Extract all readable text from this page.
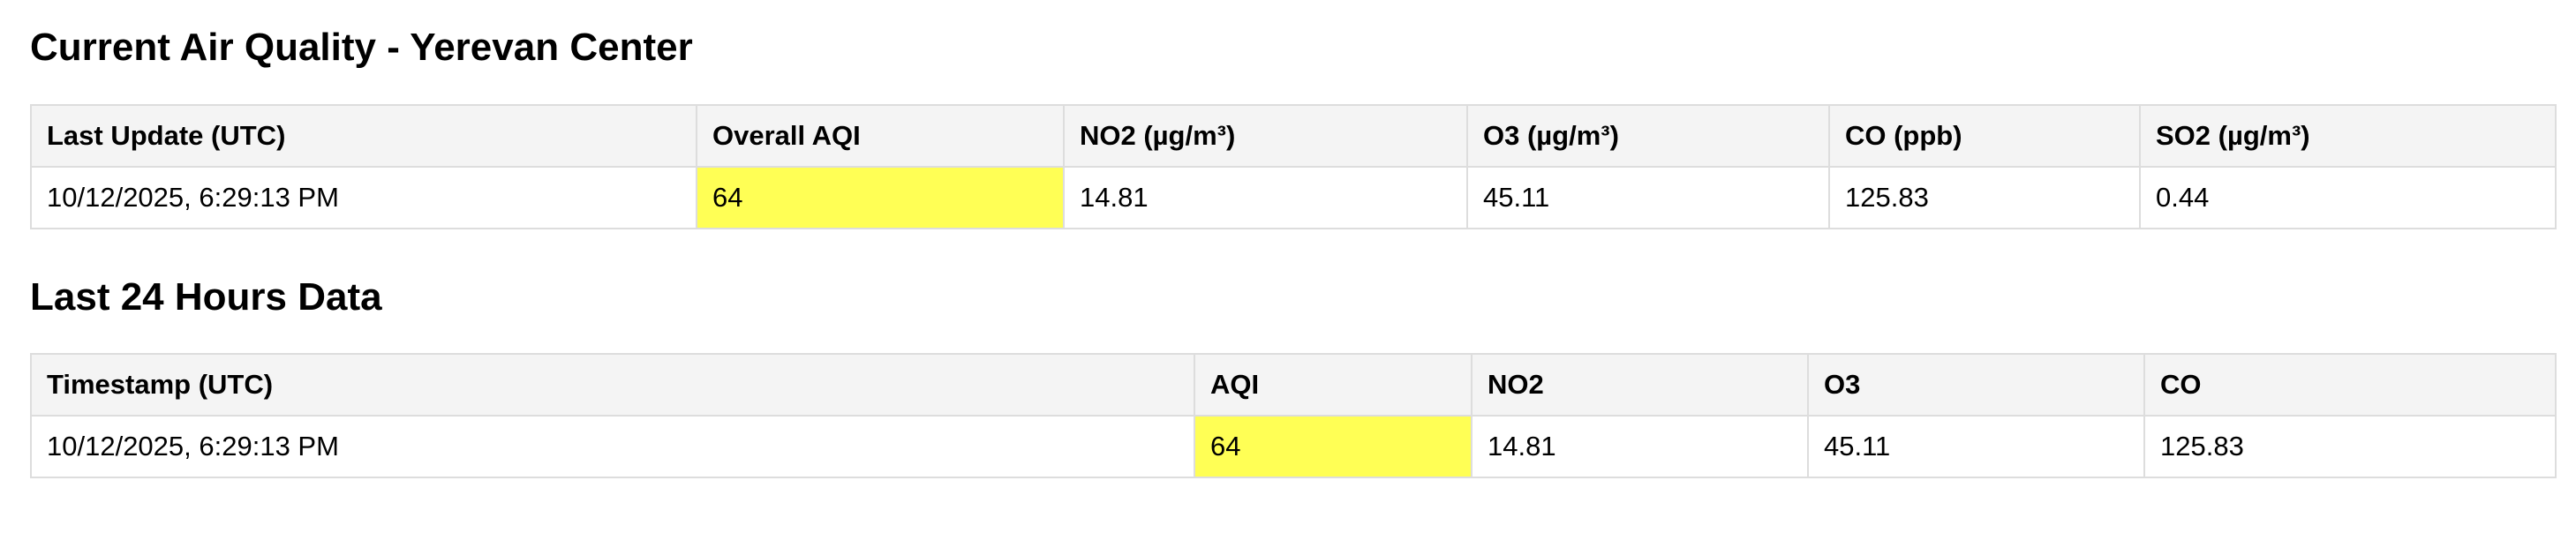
Current Air Quality - Yerevan Center
Last Update (UTC)	Overall AQI	NO2 (µg/m³)	O3 (µg/m³)	CO (ppb)	SO2 (µg/m³)
10/12/2025, 6:29:13 PM	64	14.81	45.11	125.83	0.44
Last 24 Hours Data
Timestamp (UTC)	AQI	NO2	O3	CO
10/12/2025, 6:29:13 PM	64	14.81	45.11	125.83
